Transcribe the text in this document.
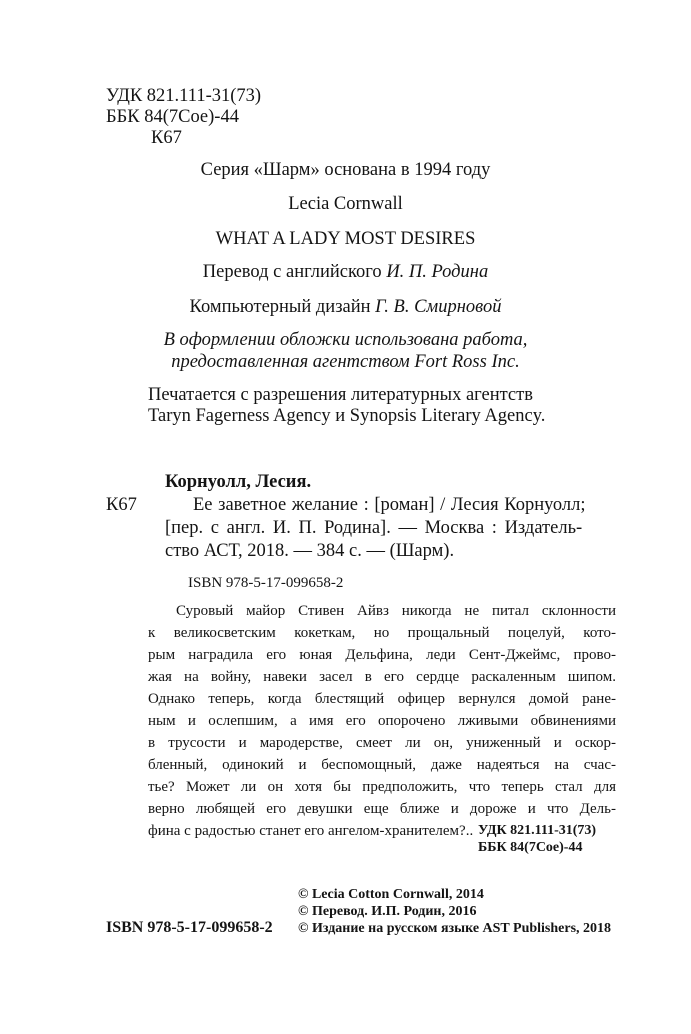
УДК 821.111-31(73)
ББК 84(7Сое)-44
К67
Серия «Шарм» основана в 1994 году
Lecia Cornwall
WHAT A LADY MOST DESIRES
Перевод с английского И. П. Родина
Компьютерный дизайн Г. В. Смирновой
В оформлении обложки использована работа,
предоставленная агентством Fort Ross Inc.
Печатается с разрешения литературных агентств
Taryn Fagerness Agency и Synopsis Literary Agency.
Корнуолл, Лесия.
К67	Ее заветное желание : [роман] / Лесия Корнуолл;
[пер. с англ. И. П. Родина]. — Москва : Издатель-
ство АСТ, 2018. — 384 с. — (Шарм).
ISBN 978-5-17-099658-2
Суровый майор Стивен Айвз никогда не питал склонности
к великосветским кокеткам, но прощальный поцелуй, кото-
рым наградила его юная Дельфина, леди Сент-Джеймс, прово-
жая на войну, навеки засел в его сердце раскаленным шипом.
Однако теперь, когда блестящий офицер вернулся домой ране-
ным и ослепшим, а имя его опорочено лживыми обвинениями
в трусости и мародерстве, смеет ли он, униженный и оскор-
бленный, одинокий и беспомощный, даже надеяться на счас-
тье? Может ли он хотя бы предположить, что теперь стал для
верно любящей его девушки еще ближе и дороже и что Дель-
фина с радостью станет его ангелом-хранителем?.. УДК 821.111-31(73)
ББК 84(7Сое)-44
ISBN 978-5-17-099658-2
© Lecia Cotton Cornwall, 2014
© Перевод. И.П. Родин, 2016
© Издание на русском языке AST Publishers, 2018
